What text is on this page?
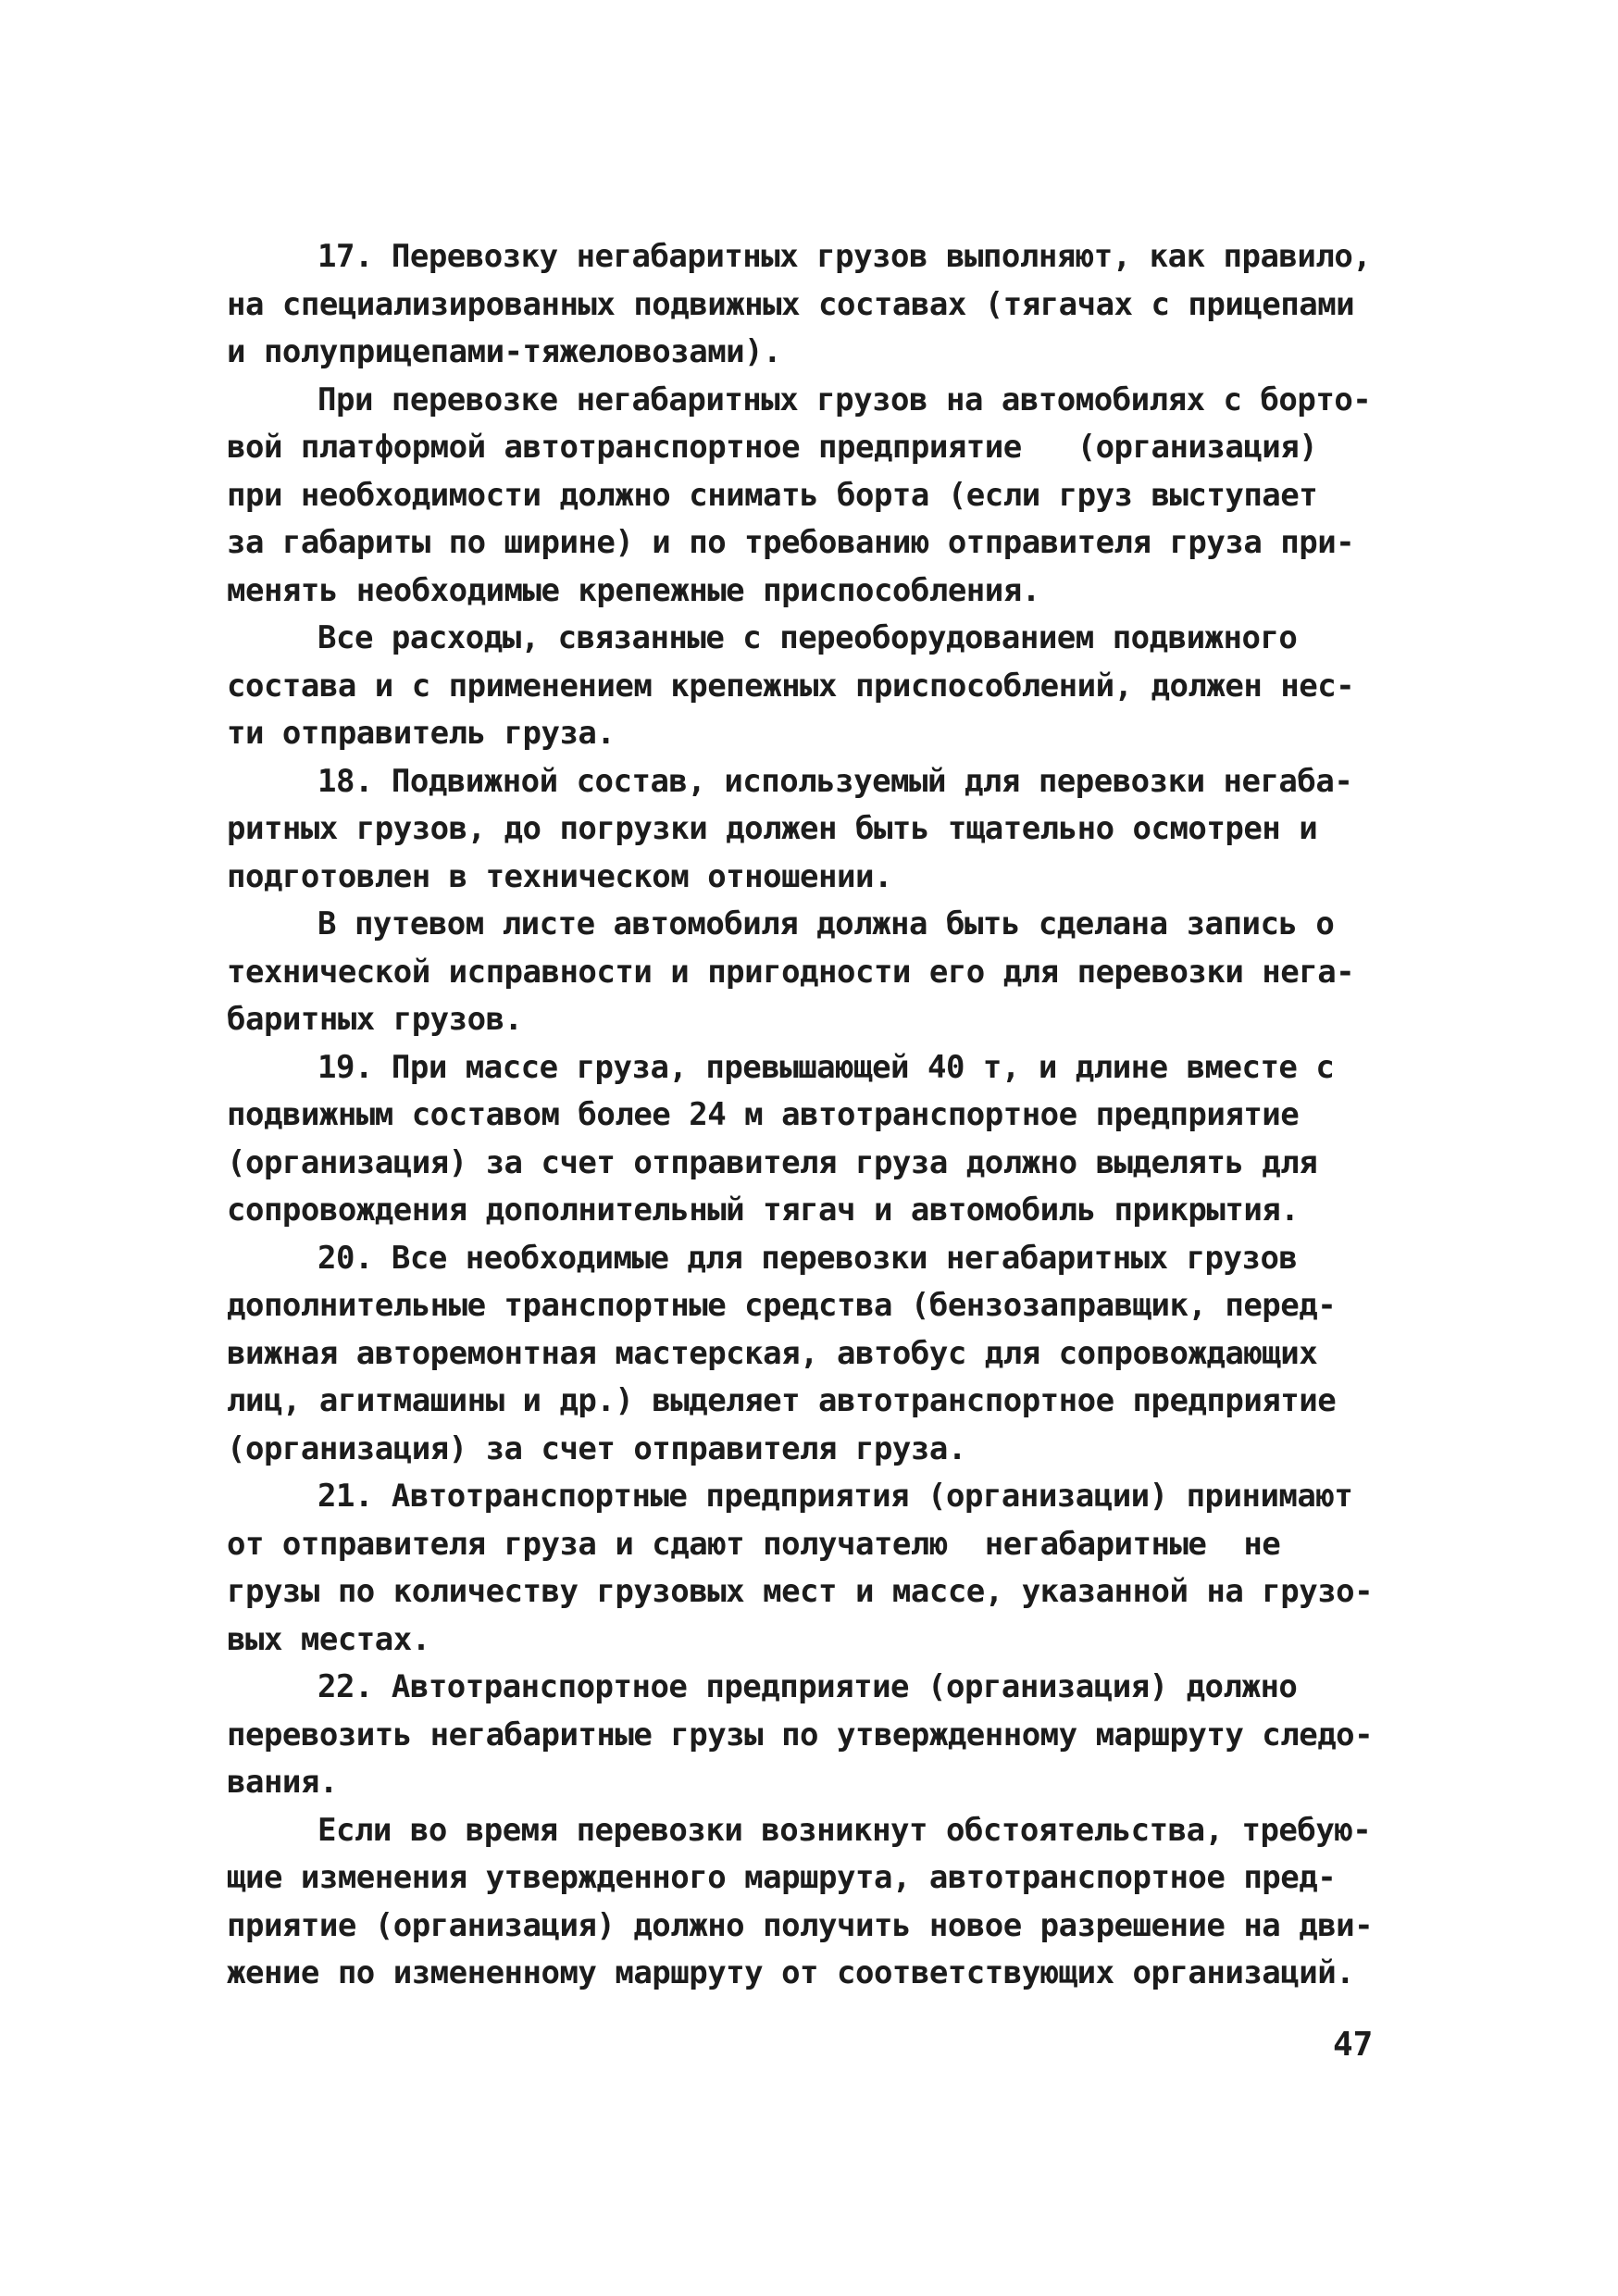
17. Перевозку негабаритных грузов выполняют, как правило,
на специализированных подвижных составах (тягачах с прицепами
и полуприцепами-тяжеловозами).
При перевозке негабаритных грузов на автомобилях с борто-
вой платформой автотранспортное предприятие   (организация)
при необходимости должно снимать борта (если груз выступает
за габариты по ширине) и по требованию отправителя груза при-
менять необходимые крепежные приспособления.
Все расходы, связанные с переоборудованием подвижного
состава и с применением крепежных приспособлений, должен нес-
ти отправитель груза.
18. Подвижной состав, используемый для перевозки негаба-
ритных грузов, до погрузки должен быть тщательно осмотрен и
подготовлен в техническом отношении.
В путевом листе автомобиля должна быть сделана запись о
технической исправности и пригодности его для перевозки нега-
баритных грузов.
19. При массе груза, превышающей 40 т, и длине вместе с
подвижным составом более 24 м автотранспортное предприятие
(организация) за счет отправителя груза должно выделять для
сопровождения дополнительный тягач и автомобиль прикрытия.
20. Все необходимые для перевозки негабаритных грузов
дополнительные транспортные средства (бензозаправщик, перед-
вижная авторемонтная мастерская, автобус для сопровождающих
лиц, агитмашины и др.) выделяет автотранспортное предприятие
(организация) за счет отправителя груза.
21. Автотранспортные предприятия (организации) принимают
от отправителя груза и сдают получателю  негабаритные  не
грузы по количеству грузовых мест и массе, указанной на грузо-
вых местах.
22. Автотранспортное предприятие (организация) должно
перевозить негабаритные грузы по утвержденному маршруту следо-
вания.
Если во время перевозки возникнут обстоятельства, требую-
щие изменения утвержденного маршрута, автотранспортное пред-
приятие (организация) должно получить новое разрешение на дви-
жение по измененному маршруту от соответствующих организаций.
47
